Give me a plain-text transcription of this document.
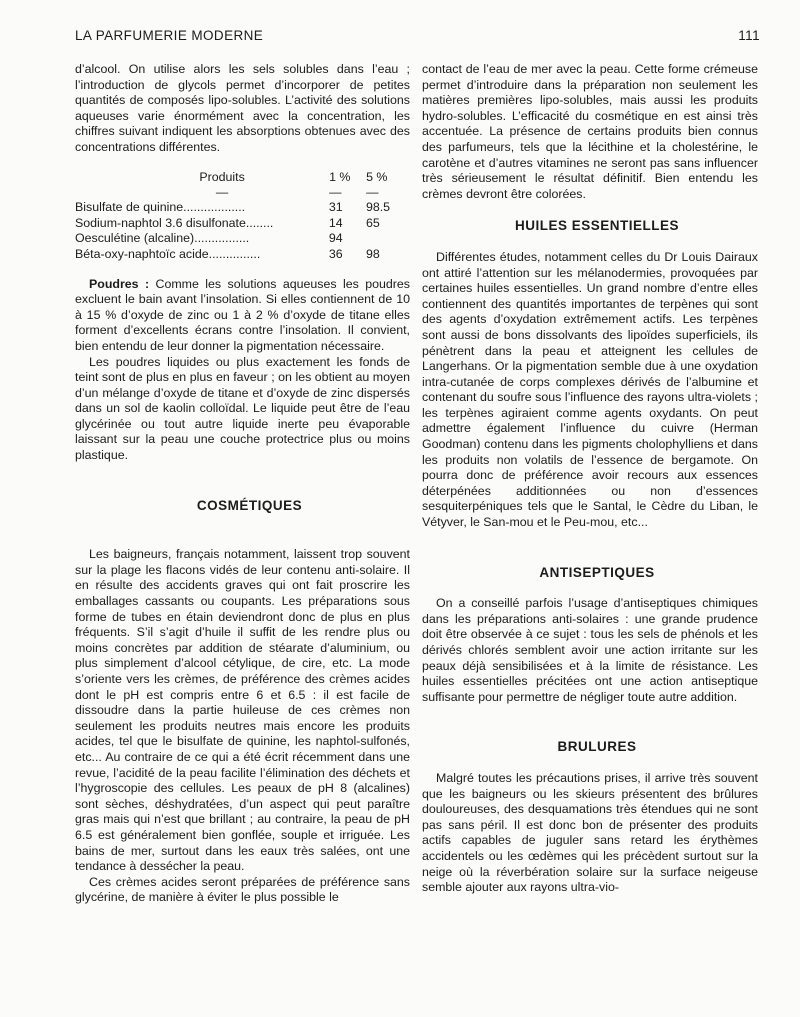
LA PARFUMERIE MODERNE	111

d’alcool. On utilise alors les sels solubles dans l’eau ; l’introduction de glycols permet d’incorporer de petites quantités de composés lipo-solubles. L’activité des solutions aqueuses varie énormément avec la concentration, les chiffres suivant indiquent les absorptions obtenues avec des concentrations différentes.

Produits	1 %	5 %
—	—	—
Bisulfate de quinine..................	31	98.5
Sodium-naphtol 3.6 disulfonate........	14	65
Oesculétine (alcaline)................	94
Béta-oxy-naphtoïc acide...............	36	98

Poudres : Comme les solutions aqueuses les poudres excluent le bain avant l’insolation. Si elles contiennent de 10 à 15 % d’oxyde de zinc ou 1 à 2 % d’oxyde de titane elles forment d’excellents écrans contre l’insolation. Il convient, bien entendu de leur donner la pigmentation nécessaire.

Les poudres liquides ou plus exactement les fonds de teint sont de plus en plus en faveur ; on les obtient au moyen d’un mélange d’oxyde de titane et d’oxyde de zinc dispersés dans un sol de kaolin colloïdal. Le liquide peut être de l’eau glycérinée ou tout autre liquide inerte peu évaporable laissant sur la peau une couche protectrice plus ou moins plastique.

COSMÉTIQUES

Les baigneurs, français notamment, laissent trop souvent sur la plage les flacons vidés de leur contenu anti-solaire. Il en résulte des accidents graves qui ont fait proscrire les emballages cassants ou coupants. Les préparations sous forme de tubes en étain deviendront donc de plus en plus fréquents. S’il s’agit d’huile il suffit de les rendre plus ou moins concrètes par addition de stéarate d’aluminium, ou plus simplement d’alcool cétylique, de cire, etc. La mode s’oriente vers les crèmes, de préférence des crèmes acides dont le pH est compris entre 6 et 6.5 : il est facile de dissoudre dans la partie huileuse de ces crèmes non seulement les produits neutres mais encore les produits acides, tel que le bisulfate de quinine, les naphtol-sulfonés, etc... Au contraire de ce qui a été écrit récemment dans une revue, l’acidité de la peau facilite l’élimination des déchets et l’hygroscopie des cellules. Les peaux de pH 8 (alcalines) sont sèches, déshydratées, d’un aspect qui peut paraître gras mais qui n’est que brillant ; au contraire, la peau de pH 6.5 est généralement bien gonflée, souple et irriguée. Les bains de mer, surtout dans les eaux très salées, ont une tendance à dessécher la peau.

Ces crèmes acides seront préparées de préférence sans glycérine, de manière à éviter le plus possible le

contact de l’eau de mer avec la peau. Cette forme crémeuse permet d’introduire dans la préparation non seulement les matières premières lipo-solubles, mais aussi les produits hydro-solubles. L’efficacité du cosmétique en est ainsi très accentuée. La présence de certains produits bien connus des parfumeurs, tels que la lécithine et la cholestérine, le carotène et d’autres vitamines ne seront pas sans influencer très sérieusement le résultat définitif. Bien entendu les crèmes devront être colorées.

HUILES ESSENTIELLES

Différentes études, notamment celles du Dr Louis Dairaux ont attiré l’attention sur les mélanodermies, provoquées par certaines huiles essentielles. Un grand nombre d’entre elles contiennent des quantités importantes de terpènes qui sont des agents d’oxydation extrêmement actifs. Les terpènes sont aussi de bons dissolvants des lipoïdes superficiels, ils pénètrent dans la peau et atteignent les cellules de Langerhans. Or la pigmentation semble due à une oxydation intra-cutanée de corps complexes dérivés de l’albumine et contenant du soufre sous l’influence des rayons ultra-violets ; les terpènes agiraient comme agents oxydants. On peut admettre également l’influence du cuivre (Herman Goodman) contenu dans les pigments cholophylliens et dans les produits non volatils de l’essence de bergamote. On pourra donc de préférence avoir recours aux essences déterpénées additionnées ou non d’essences sesquiterpéniques tels que le Santal, le Cèdre du Liban, le Vétyver, le San-mou et le Peu-mou, etc...

ANTISEPTIQUES

On a conseillé parfois l’usage d’antiseptiques chimiques dans les préparations anti-solaires : une grande prudence doit être observée à ce sujet : tous les sels de phénols et les dérivés chlorés semblent avoir une action irritante sur les peaux déjà sensibilisées et à la limite de résistance. Les huiles essentielles précitées ont une action antiseptique suffisante pour permettre de négliger toute autre addition.

BRULURES

Malgré toutes les précautions prises, il arrive très souvent que les baigneurs ou les skieurs présentent des brûlures douloureuses, des desquamations très étendues qui ne sont pas sans péril. Il est donc bon de présenter des produits actifs capables de juguler sans retard les érythèmes accidentels ou les œdèmes qui les précèdent surtout sur la neige où la réverbération solaire sur la surface neigeuse semble ajouter aux rayons ultra-vio-
